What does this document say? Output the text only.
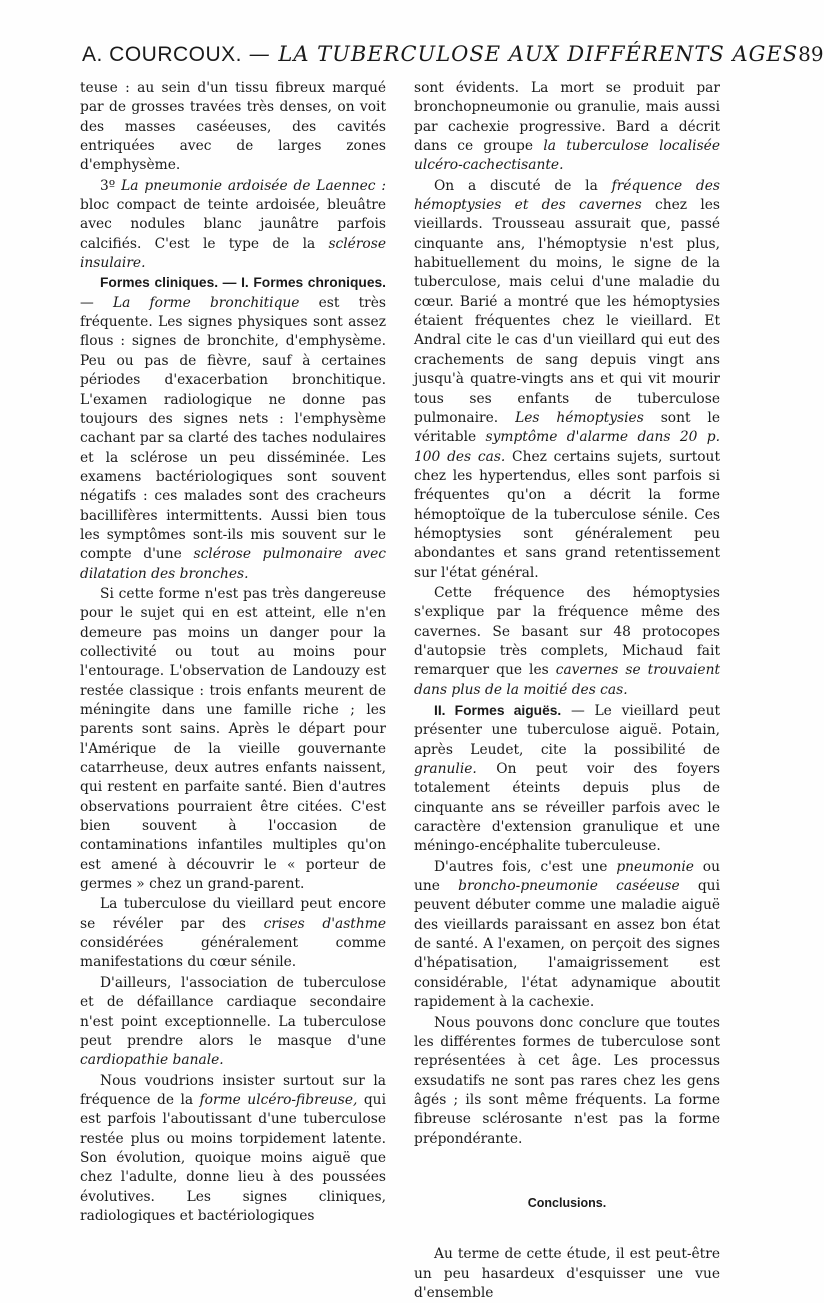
A. COURCOUX. — LA TUBERCULOSE AUX DIFFÉRENTS AGES 89

teuse : au sein d'un tissu fibreux marqué par de grosses travées très denses, on voit des masses caséeuses, des cavités entriquées avec de larges zones d'emphysème.

3º La pneumonie ardoisée de Laennec : bloc compact de teinte ardoisée, bleuâtre avec nodules blanc jaunâtre parfois calcifiés. C'est le type de la sclérose insulaire.

Formes cliniques. — I. Formes chroniques. — La forme bronchitique est très fréquente. Les signes physiques sont assez flous : signes de bronchite, d'emphysème. Peu ou pas de fièvre, sauf à certaines périodes d'exacerbation bronchitique. L'examen radiologique ne donne pas toujours des signes nets : l'emphysème cachant par sa clarté des taches nodulaires et la sclérose un peu disséminée. Les examens bactériologiques sont souvent négatifs : ces malades sont des cracheurs bacillifères intermittents. Aussi bien tous les symptômes sont-ils mis souvent sur le compte d'une sclérose pulmonaire avec dilatation des bronches.

Si cette forme n'est pas très dangereuse pour le sujet qui en est atteint, elle n'en demeure pas moins un danger pour la collectivité ou tout au moins pour l'entourage. L'observation de Landouzy est restée classique : trois enfants meurent de méningite dans une famille riche ; les parents sont sains. Après le départ pour l'Amérique de la vieille gouvernante catarrheuse, deux autres enfants naissent, qui restent en parfaite santé. Bien d'autres observations pourraient être citées. C'est bien souvent à l'occasion de contaminations infantiles multiples qu'on est amené à découvrir le « porteur de germes » chez un grand-parent.

La tuberculose du vieillard peut encore se révéler par des crises d'asthme considérées généralement comme manifestations du cœur sénile.

D'ailleurs, l'association de tuberculose et de défaillance cardiaque secondaire n'est point exceptionnelle. La tuberculose peut prendre alors le masque d'une cardiopathie banale.

Nous voudrions insister surtout sur la fréquence de la forme ulcéro-fibreuse, qui est parfois l'aboutissant d'une tuberculose restée plus ou moins torpidement latente. Son évolution, quoique moins aiguë que chez l'adulte, donne lieu à des poussées évolutives. Les signes cliniques, radiologiques et bactériologiques

sont évidents. La mort se produit par bronchopneumonie ou granulie, mais aussi par cachexie progressive. Bard a décrit dans ce groupe la tuberculose localisée ulcéro-cachectisante.

On a discuté de la fréquence des hémoptysies et des cavernes chez les vieillards. Trousseau assurait que, passé cinquante ans, l'hémoptysie n'est plus, habituellement du moins, le signe de la tuberculose, mais celui d'une maladie du cœur. Barié a montré que les hémoptysies étaient fréquentes chez le vieillard. Et Andral cite le cas d'un vieillard qui eut des crachements de sang depuis vingt ans jusqu'à quatre-vingts ans et qui vit mourir tous ses enfants de tuberculose pulmonaire. Les hémoptysies sont le véritable symptôme d'alarme dans 20 p. 100 des cas. Chez certains sujets, surtout chez les hypertendus, elles sont parfois si fréquentes qu'on a décrit la forme hémoptoïque de la tuberculose sénile. Ces hémoptysies sont généralement peu abondantes et sans grand retentissement sur l'état général.

Cette fréquence des hémoptysies s'explique par la fréquence même des cavernes. Se basant sur 48 protocopes d'autopsie très complets, Michaud fait remarquer que les cavernes se trouvaient dans plus de la moitié des cas.

II. Formes aiguës. — Le vieillard peut présenter une tuberculose aiguë. Potain, après Leudet, cite la possibilité de granulie. On peut voir des foyers totalement éteints depuis plus de cinquante ans se réveiller parfois avec le caractère d'extension granulique et une méningo-encéphalite tuberculeuse.

D'autres fois, c'est une pneumonie ou une broncho-pneumonie caséeuse qui peuvent débuter comme une maladie aiguë des vieillards paraissant en assez bon état de santé. A l'examen, on perçoit des signes d'hépatisation, l'amaigrissement est considérable, l'état adynamique aboutit rapidement à la cachexie.

Nous pouvons donc conclure que toutes les différentes formes de tuberculose sont représentées à cet âge. Les processus exsudatifs ne sont pas rares chez les gens âgés ; ils sont même fréquents. La forme fibreuse sclérosante n'est pas la forme prépondérante.

Conclusions.

Au terme de cette étude, il est peut-être un peu hasardeux d'esquisser une vue d'ensemble
